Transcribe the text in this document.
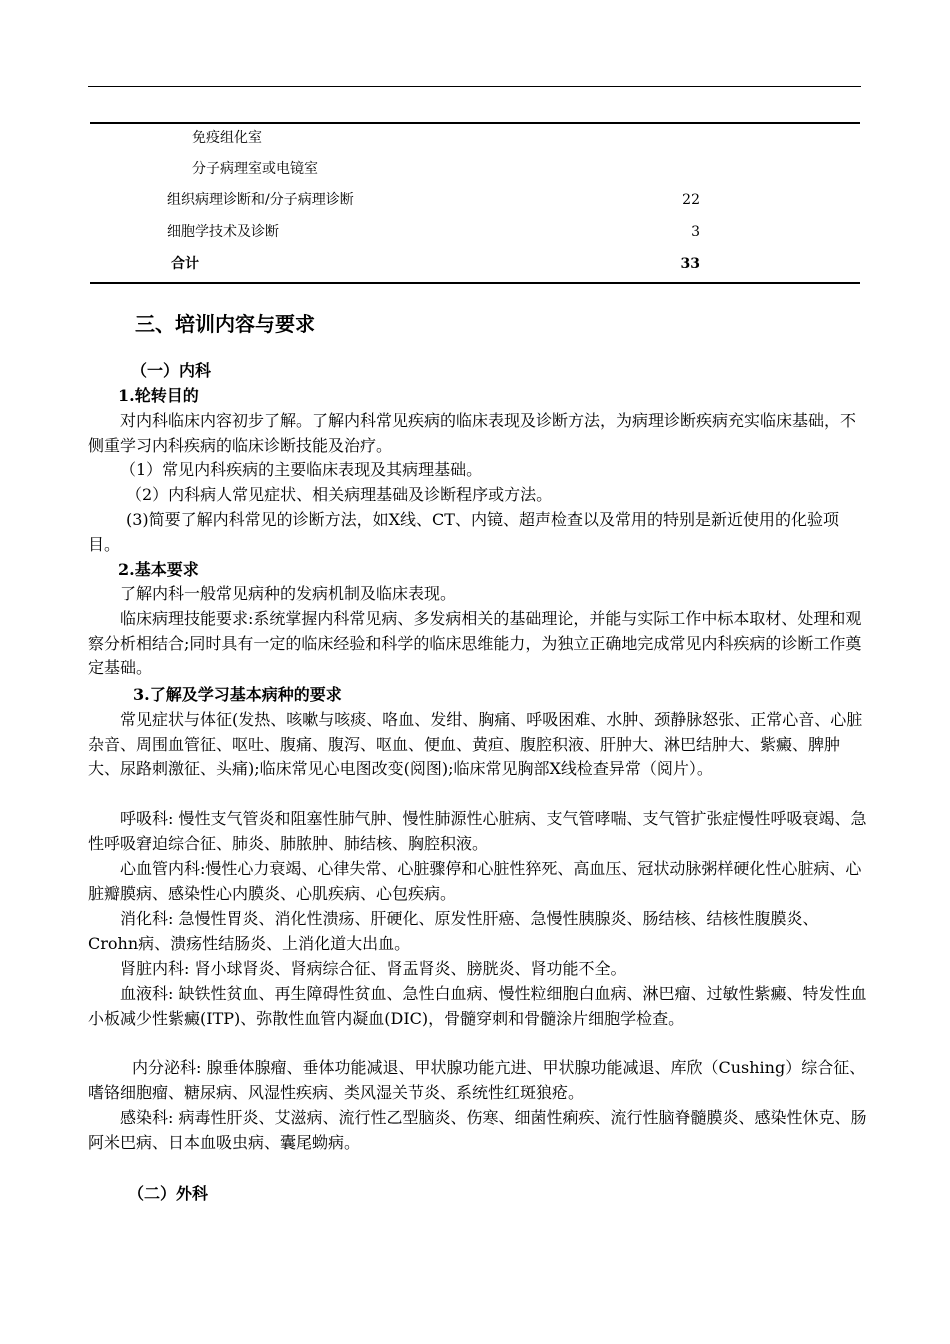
免疫组化室
分子病理室或电镜室
组织病理诊断和/分子病理诊断	22
细胞学技术及诊断	3
合计	33
三、培训内容与要求
（一）内科
1.轮转目的
对内科临床内容初步了解。了解内科常见疾病的临床表现及诊断方法，为病理诊断疾病充实临床基础，不侧重学习内科疾病的临床诊断技能及治疗。
（1）常见内科疾病的主要临床表现及其病理基础。
（2）内科病人常见症状、相关病理基础及诊断程序或方法。
(3)简要了解内科常见的诊断方法，如X线、CT、内镜、超声检查以及常用的特别是新近使用的化验项目。
2.基本要求
了解内科一般常见病种的发病机制及临床表现。
临床病理技能要求:系统掌握内科常见病、多发病相关的基础理论，并能与实际工作中标本取材、处理和观察分析相结合;同时具有一定的临床经验和科学的临床思维能力，为独立正确地完成常见内科疾病的诊断工作奠定基础。
3.了解及学习基本病种的要求
常见症状与体征(发热、咳嗽与咳痰、咯血、发绀、胸痛、呼吸困难、水肿、颈静脉怒张、正常心音、心脏杂音、周围血管征、呕吐、腹痛、腹泻、呕血、便血、黄疸、腹腔积液、肝肿大、淋巴结肿大、紫癜、脾肿大、尿路刺激征、头痛);临床常见心电图改变(阅图);临床常见胸部X线检查异常（阅片）。
呼吸科: 慢性支气管炎和阻塞性肺气肿、慢性肺源性心脏病、支气管哮喘、支气管扩张症慢性呼吸衰竭、急性呼吸窘迫综合征、肺炎、肺脓肿、肺结核、胸腔积液。
心血管内科:慢性心力衰竭、心律失常、心脏骤停和心脏性猝死、高血压、冠状动脉粥样硬化性心脏病、心脏瓣膜病、感染性心内膜炎、心肌疾病、心包疾病。
消化科: 急慢性胃炎、消化性溃疡、肝硬化、原发性肝癌、急慢性胰腺炎、肠结核、结核性腹膜炎、Crohn病、溃疡性结肠炎、上消化道大出血。
肾脏内科: 肾小球肾炎、肾病综合征、肾盂肾炎、膀胱炎、肾功能不全。
血液科: 缺铁性贫血、再生障碍性贫血、急性白血病、慢性粒细胞白血病、淋巴瘤、过敏性紫癜、特发性血小板减少性紫癜(ITP)、弥散性血管内凝血(DIC)，骨髓穿刺和骨髓涂片细胞学检查。
内分泌科: 腺垂体腺瘤、垂体功能减退、甲状腺功能亢进、甲状腺功能减退、库欣（Cushing）综合征、嗜铬细胞瘤、糖尿病、风湿性疾病、类风湿关节炎、系统性红斑狼疮。
感染科: 病毒性肝炎、艾滋病、流行性乙型脑炎、伤寒、细菌性痢疾、流行性脑脊髓膜炎、感染性休克、肠阿米巴病、日本血吸虫病、囊尾蚴病。
（二）外科
